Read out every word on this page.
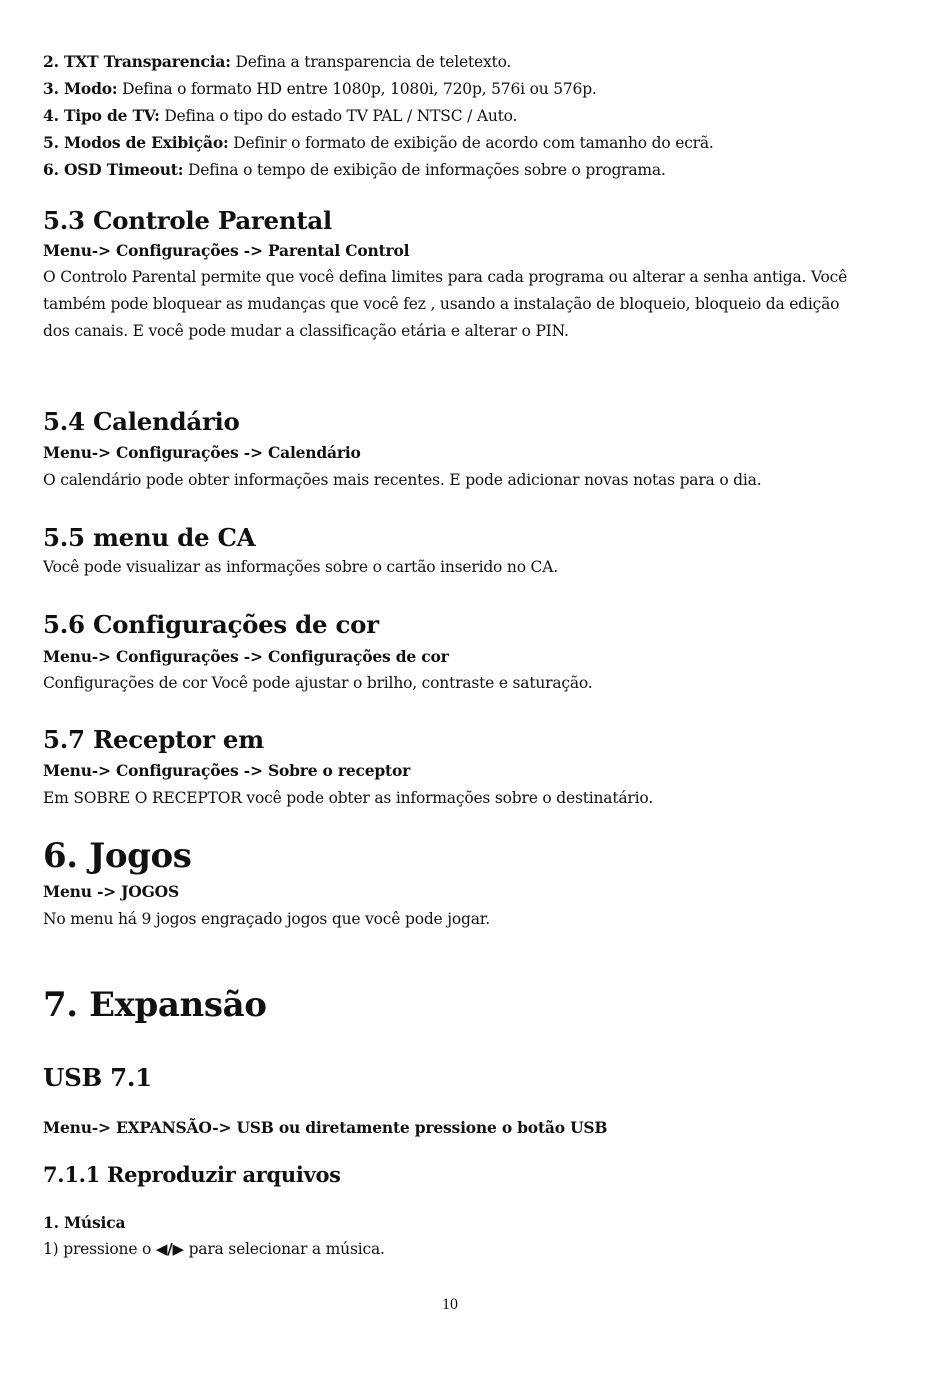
2. TXT Transparencia: Defina a transparencia de teletexto.
3. Modo: Defina o formato HD entre 1080p, 1080i, 720p, 576i ou 576p.
4. Tipo de TV: Defina o tipo do estado TV PAL / NTSC / Auto.
5. Modos de Exibição: Definir o formato de exibição de acordo com tamanho do ecrã.
6. OSD Timeout: Defina o tempo de exibição de informações sobre o programa.
5.3 Controle Parental
Menu-> Configurações -> Parental Control
O Controlo Parental permite que você defina limites para cada programa ou alterar a senha antiga. Você também pode bloquear as mudanças que você fez , usando a instalação de bloqueio, bloqueio da edição dos canais. E você pode mudar a classificação etária e alterar o PIN.
5.4 Calendário
Menu-> Configurações -> Calendário
O calendário pode obter informações mais recentes. E pode adicionar novas notas para o dia.
5.5 menu de CA
Você pode visualizar as informações sobre o cartão inserido no CA.
5.6 Configurações de cor
Menu-> Configurações -> Configurações de cor
Configurações de cor Você pode ajustar o brilho, contraste e saturação.
5.7 Receptor em
Menu-> Configurações -> Sobre o receptor
Em SOBRE O RECEPTOR você pode obter as informações sobre o destinatário.
6. Jogos
Menu -> JOGOS
No menu há 9 jogos engraçado jogos que você pode jogar.
7. Expansão
USB 7.1
Menu-> EXPANSÃO-> USB ou diretamente pressione o botão USB
7.1.1 Reproduzir arquivos
1. Música
1) pressione o ◀/▶ para selecionar a música.
10
